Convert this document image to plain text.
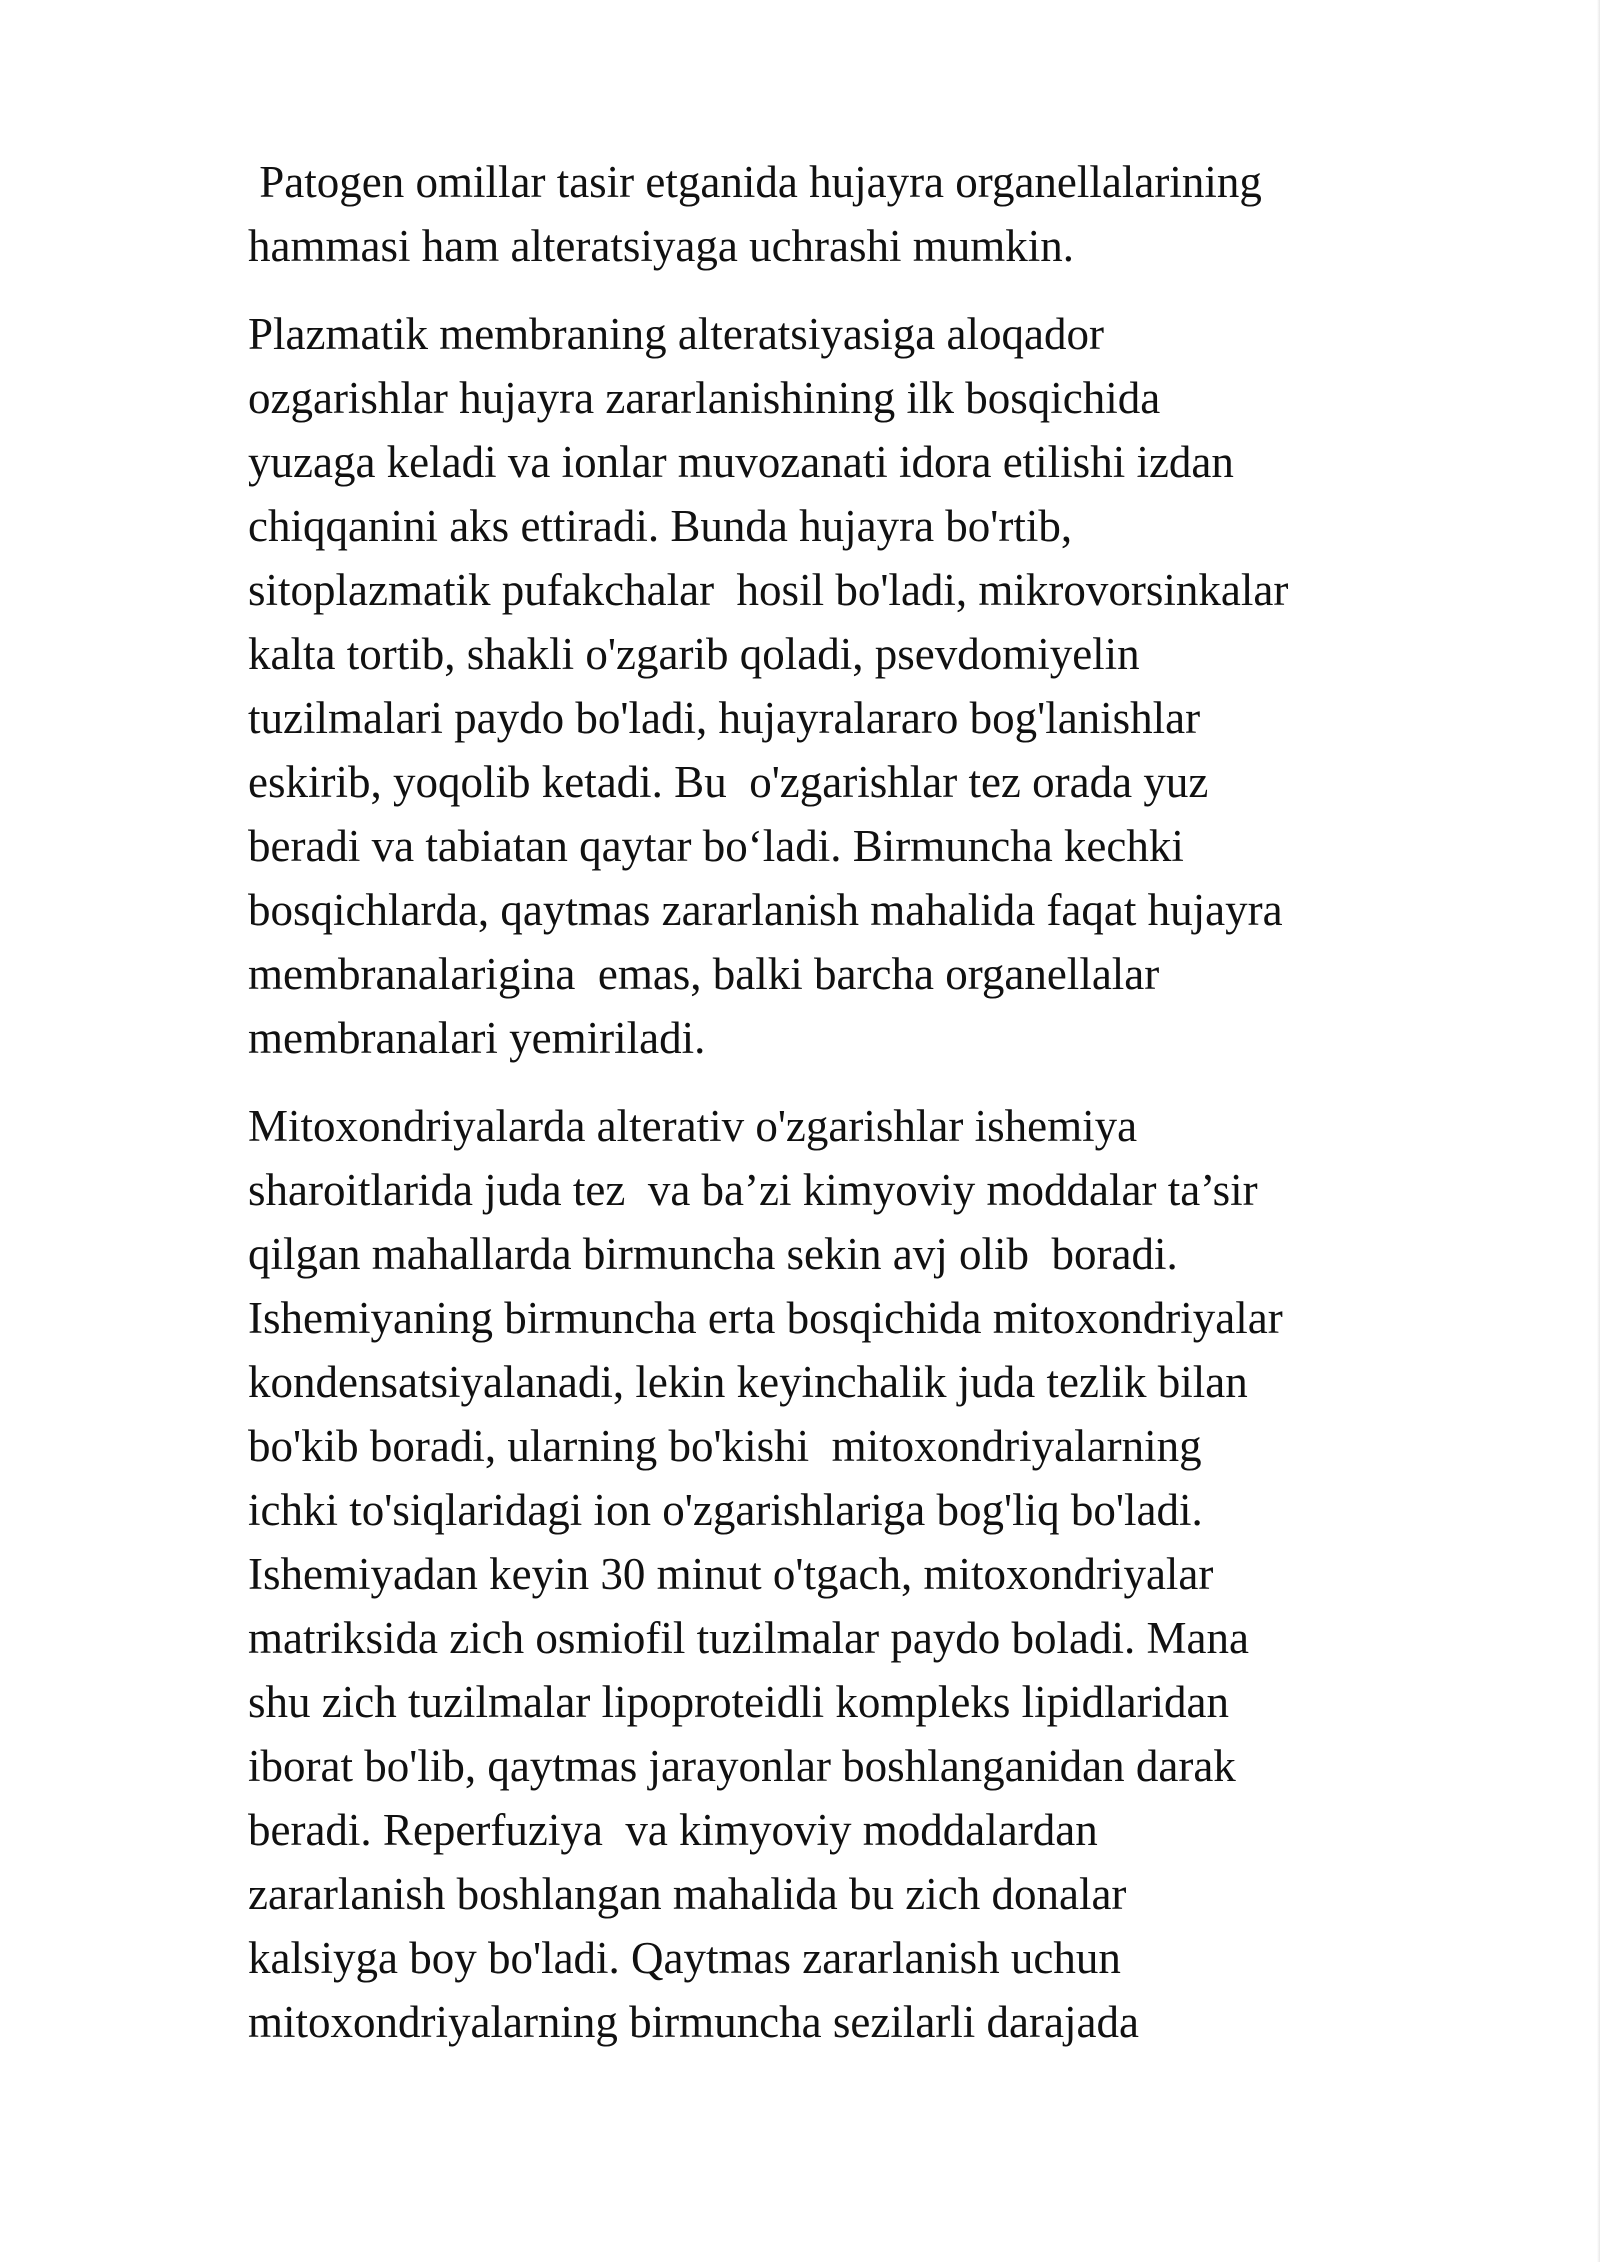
Patogen omillar tasir etganida hujayra organellalarining
hammasi ham alteratsiyaga uchrashi mumkin.

Plazmatik membraning alteratsiyasiga aloqador
ozgarishlar hujayra zararlanishining ilk bosqichida
yuzaga keladi va ionlar muvozanati idora etilishi izdan
chiqqanini aks ettiradi. Bunda hujayra bo'rtib,
sitoplazmatik pufakchalar  hosil bo'ladi, mikrovorsinkalar
kalta tortib, shakli o'zgarib qoladi, psevdomiyelin
tuzilmalari paydo bo'ladi, hujayralararo bog'lanishlar
eskirib, yoqolib ketadi. Bu  o'zgarishlar tez orada yuz
beradi va tabiatan qaytar boʻladi. Birmuncha kechki
bosqichlarda, qaytmas zararlanish mahalida faqat hujayra
membranalarigina  emas, balki barcha organellalar
membranalari yemiriladi.

Mitoxondriyalarda alterativ o'zgarishlar ishemiya
sharoitlarida juda tez  va ba’zi kimyoviy moddalar ta’sir
qilgan mahallarda birmuncha sekin avj olib  boradi.
Ishemiyaning birmuncha erta bosqichida mitoxondriyalar
kondensatsiyalanadi, lekin keyinchalik juda tezlik bilan
bo'kib boradi, ularning bo'kishi  mitoxondriyalarning
ichki to'siqlaridagi ion o'zgarishlariga bog'liq bo'ladi.
Ishemiyadan keyin 30 minut o'tgach, mitoxondriyalar
matriksida zich osmiofil tuzilmalar paydo boladi. Mana
shu zich tuzilmalar lipoproteidli kompleks lipidlaridan
iborat bo'lib, qaytmas jarayonlar boshlanganidan darak
beradi. Reperfuziya  va kimyoviy moddalardan
zararlanish boshlangan mahalida bu zich donalar
kalsiyga boy bo'ladi. Qaytmas zararlanish uchun
mitoxondriyalarning birmuncha sezilarli darajada
